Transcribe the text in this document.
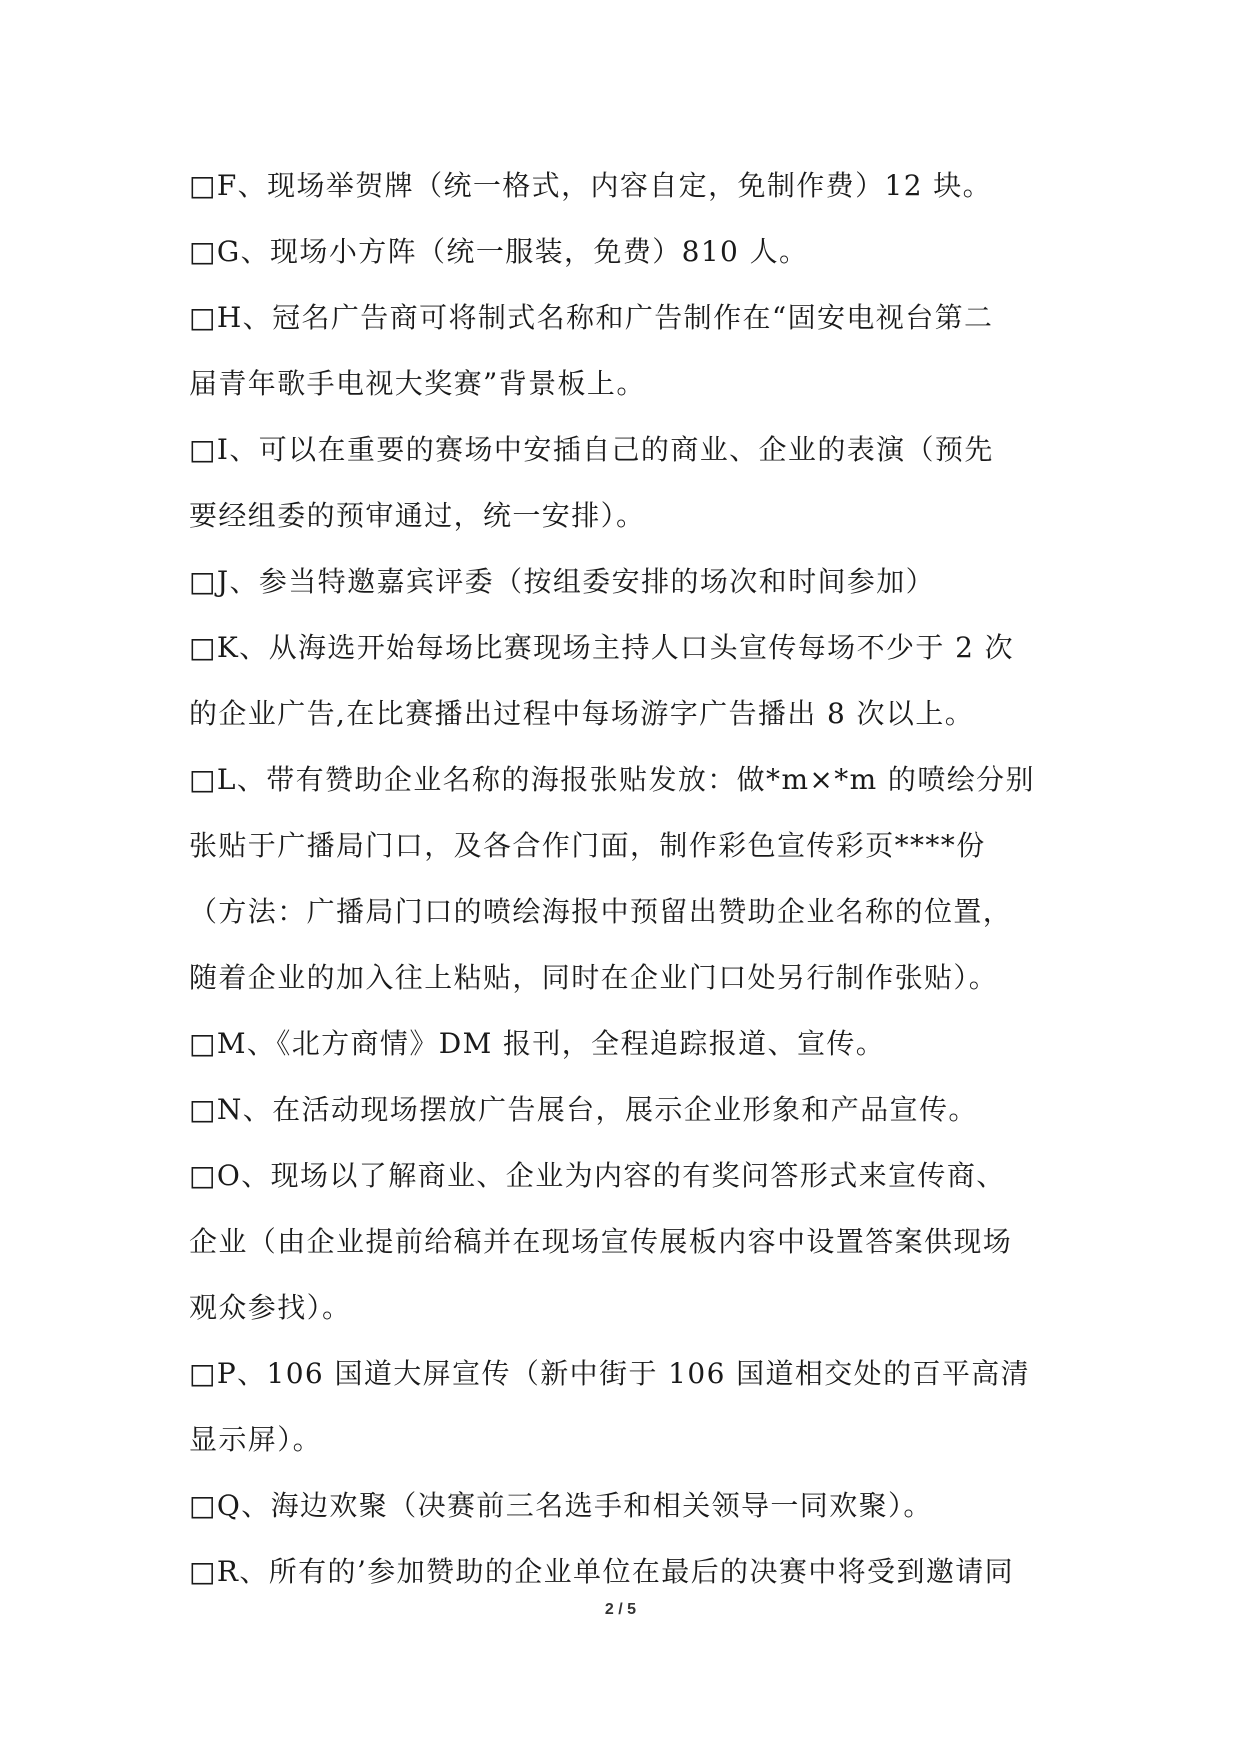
□F、现场举贺牌（统一格式，内容自定，免制作费）12 块。
□G、现场小方阵（统一服装，免费）810 人。
□H、冠名广告商可将制式名称和广告制作在“固安电视台第二
届青年歌手电视大奖赛”背景板上。
□I、可以在重要的赛场中安插自己的商业、企业的表演（预先
要经组委的预审通过，统一安排）。
□J、参当特邀嘉宾评委（按组委安排的场次和时间参加）
□K、从海选开始每场比赛现场主持人口头宣传每场不少于 2 次
的企业广告,在比赛播出过程中每场游字广告播出 8 次以上。
□L、带有赞助企业名称的海报张贴发放：做*m×*m 的喷绘分别
张贴于广播局门口，及各合作门面，制作彩色宣传彩页****份
（方法：广播局门口的喷绘海报中预留出赞助企业名称的位置，
随着企业的加入往上粘贴，同时在企业门口处另行制作张贴）。
□M、《北方商情》DM 报刊，全程追踪报道、宣传。
□N、在活动现场摆放广告展台，展示企业形象和产品宣传。
□O、现场以了解商业、企业为内容的有奖问答形式来宣传商、
企业（由企业提前给稿并在现场宣传展板内容中设置答案供现场
观众参找）。
□P、106 国道大屏宣传（新中街于 106 国道相交处的百平高清
显示屏）。
□Q、海边欢聚（决赛前三名选手和相关领导一同欢聚）。
□R、所有的’参加赞助的企业单位在最后的决赛中将受到邀请同
2 / 5
